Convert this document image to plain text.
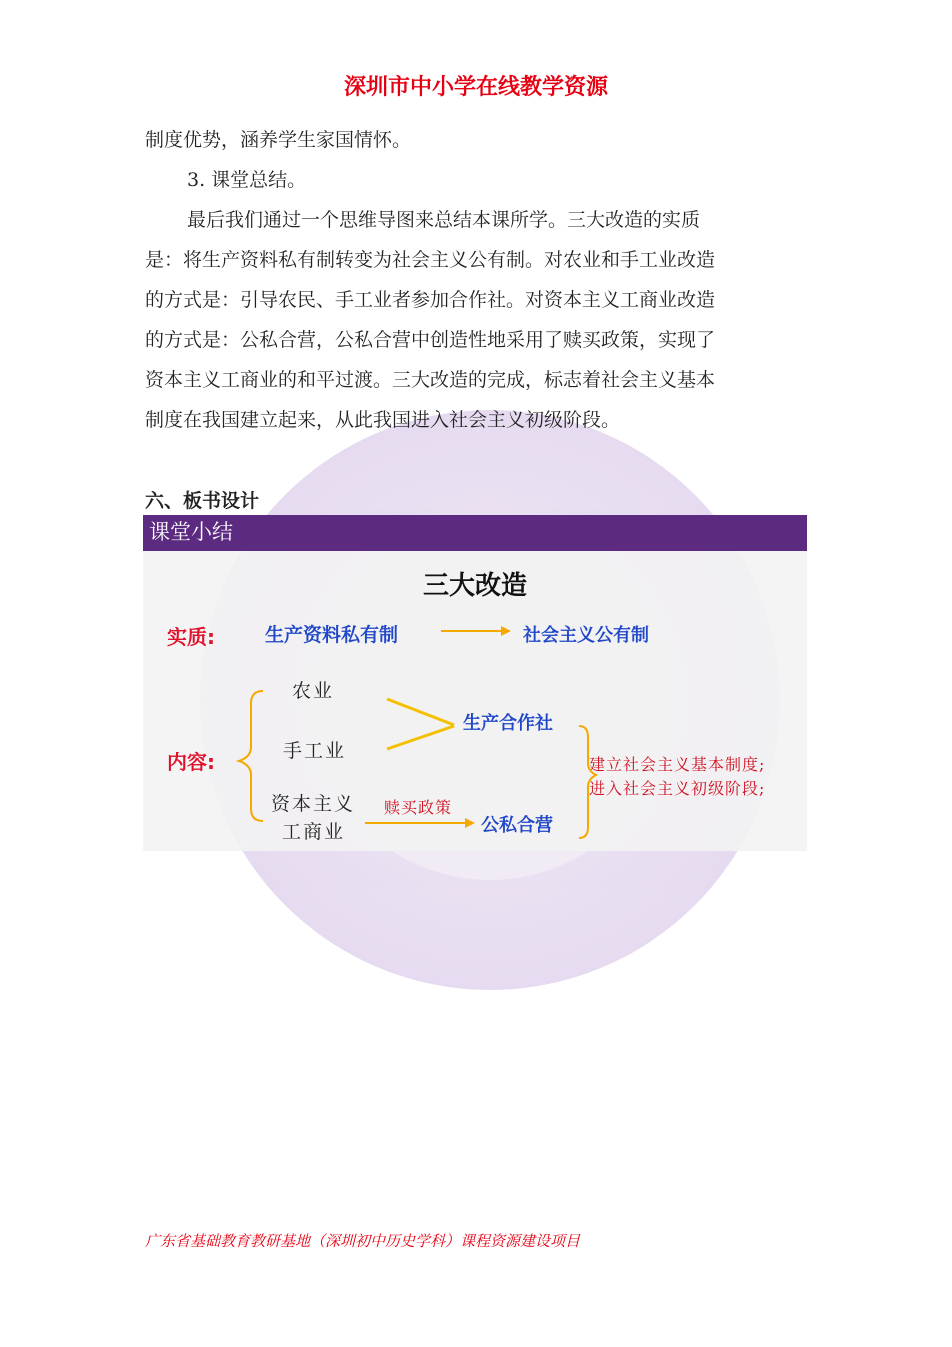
深圳市中小学在线教学资源
制度优势，涵养学生家国情怀。
3. 课堂总结。
最后我们通过一个思维导图来总结本课所学。三大改造的实质
是：将生产资料私有制转变为社会主义公有制。对农业和手工业改造
的方式是：引导农民、手工业者参加合作社。对资本主义工商业改造
的方式是：公私合营，公私合营中创造性地采用了赎买政策，实现了
资本主义工商业的和平过渡。三大改造的完成，标志着社会主义基本
制度在我国建立起来，从此我国进入社会主义初级阶段。
六、板书设计
课堂小结
三大改造
实质:	生产资料私有制	社会主义公有制
内容:
农业
手工业
资本主义
工商业
生产合作社
赎买政策
公私合营
建立社会主义基本制度;
进入社会主义初级阶段;
广东省基础教育教研基地（深圳初中历史学科）课程资源建设项目
